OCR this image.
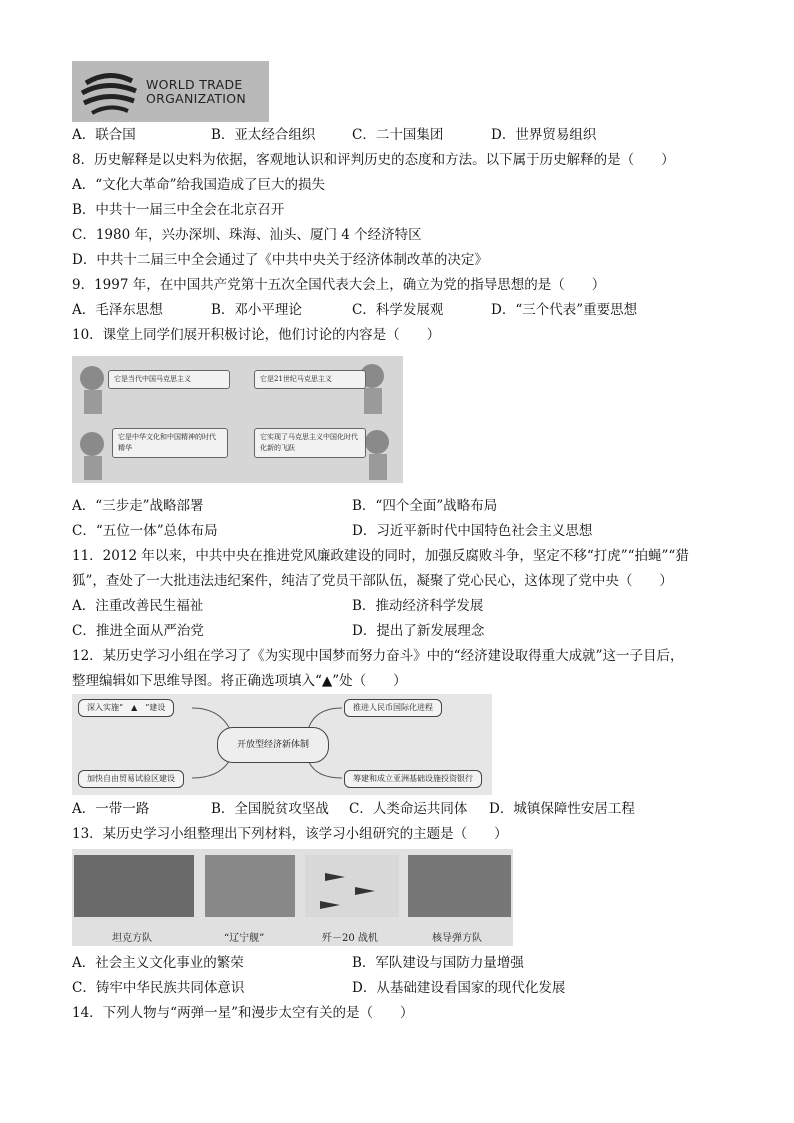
WORLD TRADE
ORGANIZATION
A．联合国	B．亚太经合组织	C．二十国集团	D．世界贸易组织
8．历史解释是以史料为依据，客观地认识和评判历史的态度和方法。以下属于历史解释的是（　　）
A．“文化大革命”给我国造成了巨大的损失
B．中共十一届三中全会在北京召开
C．1980 年，兴办深圳、珠海、汕头、厦门 4 个经济特区
D．中共十二届三中全会通过了《中共中央关于经济体制改革的决定》
9．1997 年，在中国共产党第十五次全国代表大会上，确立为党的指导思想的是（　　）
A．毛泽东思想	B．邓小平理论	C．科学发展观	D．“三个代表”重要思想
10．课堂上同学们展开积极讨论，他们讨论的内容是（　　）
它是当代中国马克思主义	它是21世纪马克思主义
它是中华文化和中国精神的时代精华
它实现了马克思主义中国化时代化新的飞跃
A．“三步走”战略部署	B．“四个全面”战略布局
C．“五位一体”总体布局	D．习近平新时代中国特色社会主义思想
11．2012 年以来，中共中央在推进党风廉政建设的同时，加强反腐败斗争，坚定不移“打虎”“拍蝇”“猎
狐”，查处了一大批违法违纪案件，纯洁了党员干部队伍，凝聚了党心民心，这体现了党中央（　　）
A．注重改善民生福祉	B．推动经济科学发展
C．推进全面从严治党	D．提出了新发展理念
12．某历史学习小组在学习了《为实现中国梦而努力奋斗》中的“经济建设取得重大成就”这一子目后，
整理编辑如下思维导图。将正确选项填入“▲”处（　　）
深入实施“　▲　”建设	推进人民币国际化进程
开放型经济新体制
加快自由贸易试验区建设	筹建和成立亚洲基础设施投资银行
A．一带一路	B．全国脱贫攻坚战 C．人类命运共同体 D．城镇保障性安居工程
13．某历史学习小组整理出下列材料，该学习小组研究的主题是（　　）
坦克方队	“辽宁舰”	歼－20 战机	核导弹方队
A．社会主义文化事业的繁荣	B．军队建设与国防力量增强
C．铸牢中华民族共同体意识	D．从基础建设看国家的现代化发展
14．下列人物与“两弹一星”和漫步太空有关的是（　　）
